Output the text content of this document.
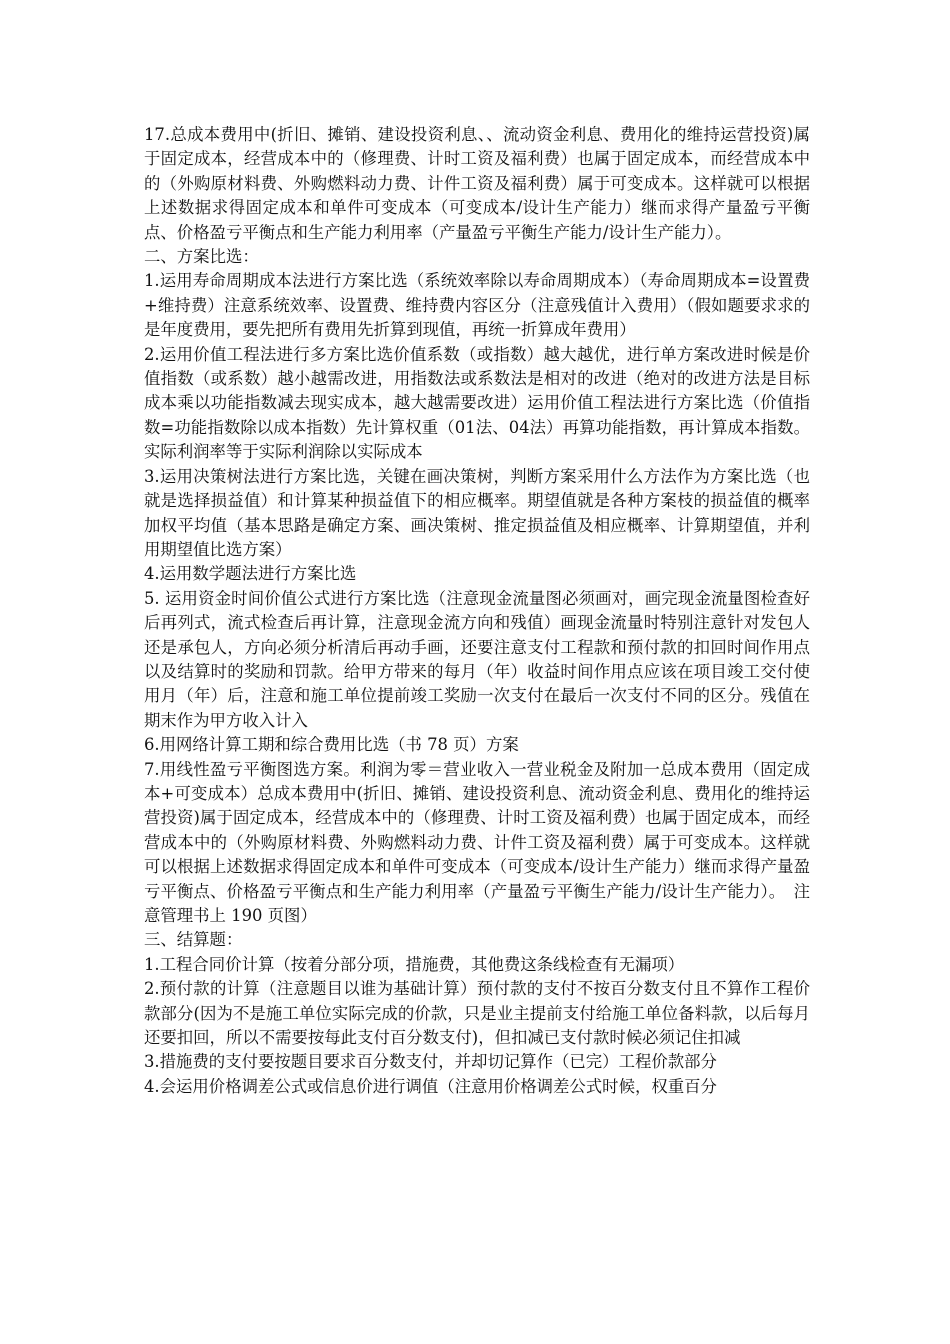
17.总成本费用中(折旧、摊销、建设投资利息、、流动资金利息、费用化的维持运营投资)属于固定成本，经营成本中的（修理费、计时工资及福利费）也属于固定成本，而经营成本中的（外购原材料费、外购燃料动力费、计件工资及福利费）属于可变成本。这样就可以根据上述数据求得固定成本和单件可变成本（可变成本/设计生产能力）继而求得产量盈亏平衡点、价格盈亏平衡点和生产能力利用率（产量盈亏平衡生产能力/设计生产能力）。

二、方案比选：

1.运用寿命周期成本法进行方案比选（系统效率除以寿命周期成本）（寿命周期成本=设置费+维持费）注意系统效率、设置费、维持费内容区分（注意残值计入费用）（假如题要求求的是年度费用，要先把所有费用先折算到现值，再统一折算成年费用）

2.运用价值工程法进行多方案比选价值系数（或指数）越大越优，进行单方案改进时候是价值指数（或系数）越小越需改进，用指数法或系数法是相对的改进（绝对的改进方法是目标成本乘以功能指数减去现实成本，越大越需要改进）运用价值工程法进行方案比选（价值指数=功能指数除以成本指数）先计算权重（01法、04法）再算功能指数，再计算成本指数。实际利润率等于实际利润除以实际成本

3.运用决策树法进行方案比选，关键在画决策树，判断方案采用什么方法作为方案比选（也就是选择损益值）和计算某种损益值下的相应概率。期望值就是各种方案枝的损益值的概率加权平均值（基本思路是确定方案、画决策树、推定损益值及相应概率、计算期望值，并利用期望值比选方案）

4.运用数学题法进行方案比选

5. 运用资金时间价值公式进行方案比选（注意现金流量图必须画对，画完现金流量图检查好后再列式，流式检查后再计算，注意现金流方向和残值）画现金流量时特别注意针对发包人还是承包人，方向必须分析清后再动手画，还要注意支付工程款和预付款的扣回时间作用点以及结算时的奖励和罚款。给甲方带来的每月（年）收益时间作用点应该在项目竣工交付使用月（年）后，注意和施工单位提前竣工奖励一次支付在最后一次支付不同的区分。残值在期末作为甲方收入计入

6.用网络计算工期和综合费用比选（书 78 页）方案

7.用线性盈亏平衡图选方案。利润为零＝营业收入一营业税金及附加一总成本费用（固定成本+可变成本）总成本费用中(折旧、摊销、建设投资利息、流动资金利息、费用化的维持运营投资)属于固定成本，经营成本中的（修理费、计时工资及福利费）也属于固定成本，而经营成本中的（外购原材料费、外购燃料动力费、计件工资及福利费）属于可变成本。这样就可以根据上述数据求得固定成本和单件可变成本（可变成本/设计生产能力）继而求得产量盈亏平衡点、价格盈亏平衡点和生产能力利用率（产量盈亏平衡生产能力/设计生产能力）。　注意管理书上 190 页图）

三、结算题：

1.工程合同价计算（按着分部分项，措施费，其他费这条线检查有无漏项）

2.预付款的计算（注意题目以谁为基础计算）预付款的支付不按百分数支付且不算作工程价款部分(因为不是施工单位实际完成的价款，只是业主提前支付给施工单位备料款，以后每月还要扣回，所以不需要按每此支付百分数支付)，但扣减已支付款时候必须记住扣减

3.措施费的支付要按题目要求百分数支付，并却切记算作（已完）工程价款部分

4.会运用价格调差公式或信息价进行调值（注意用价格调差公式时候，权重百分
